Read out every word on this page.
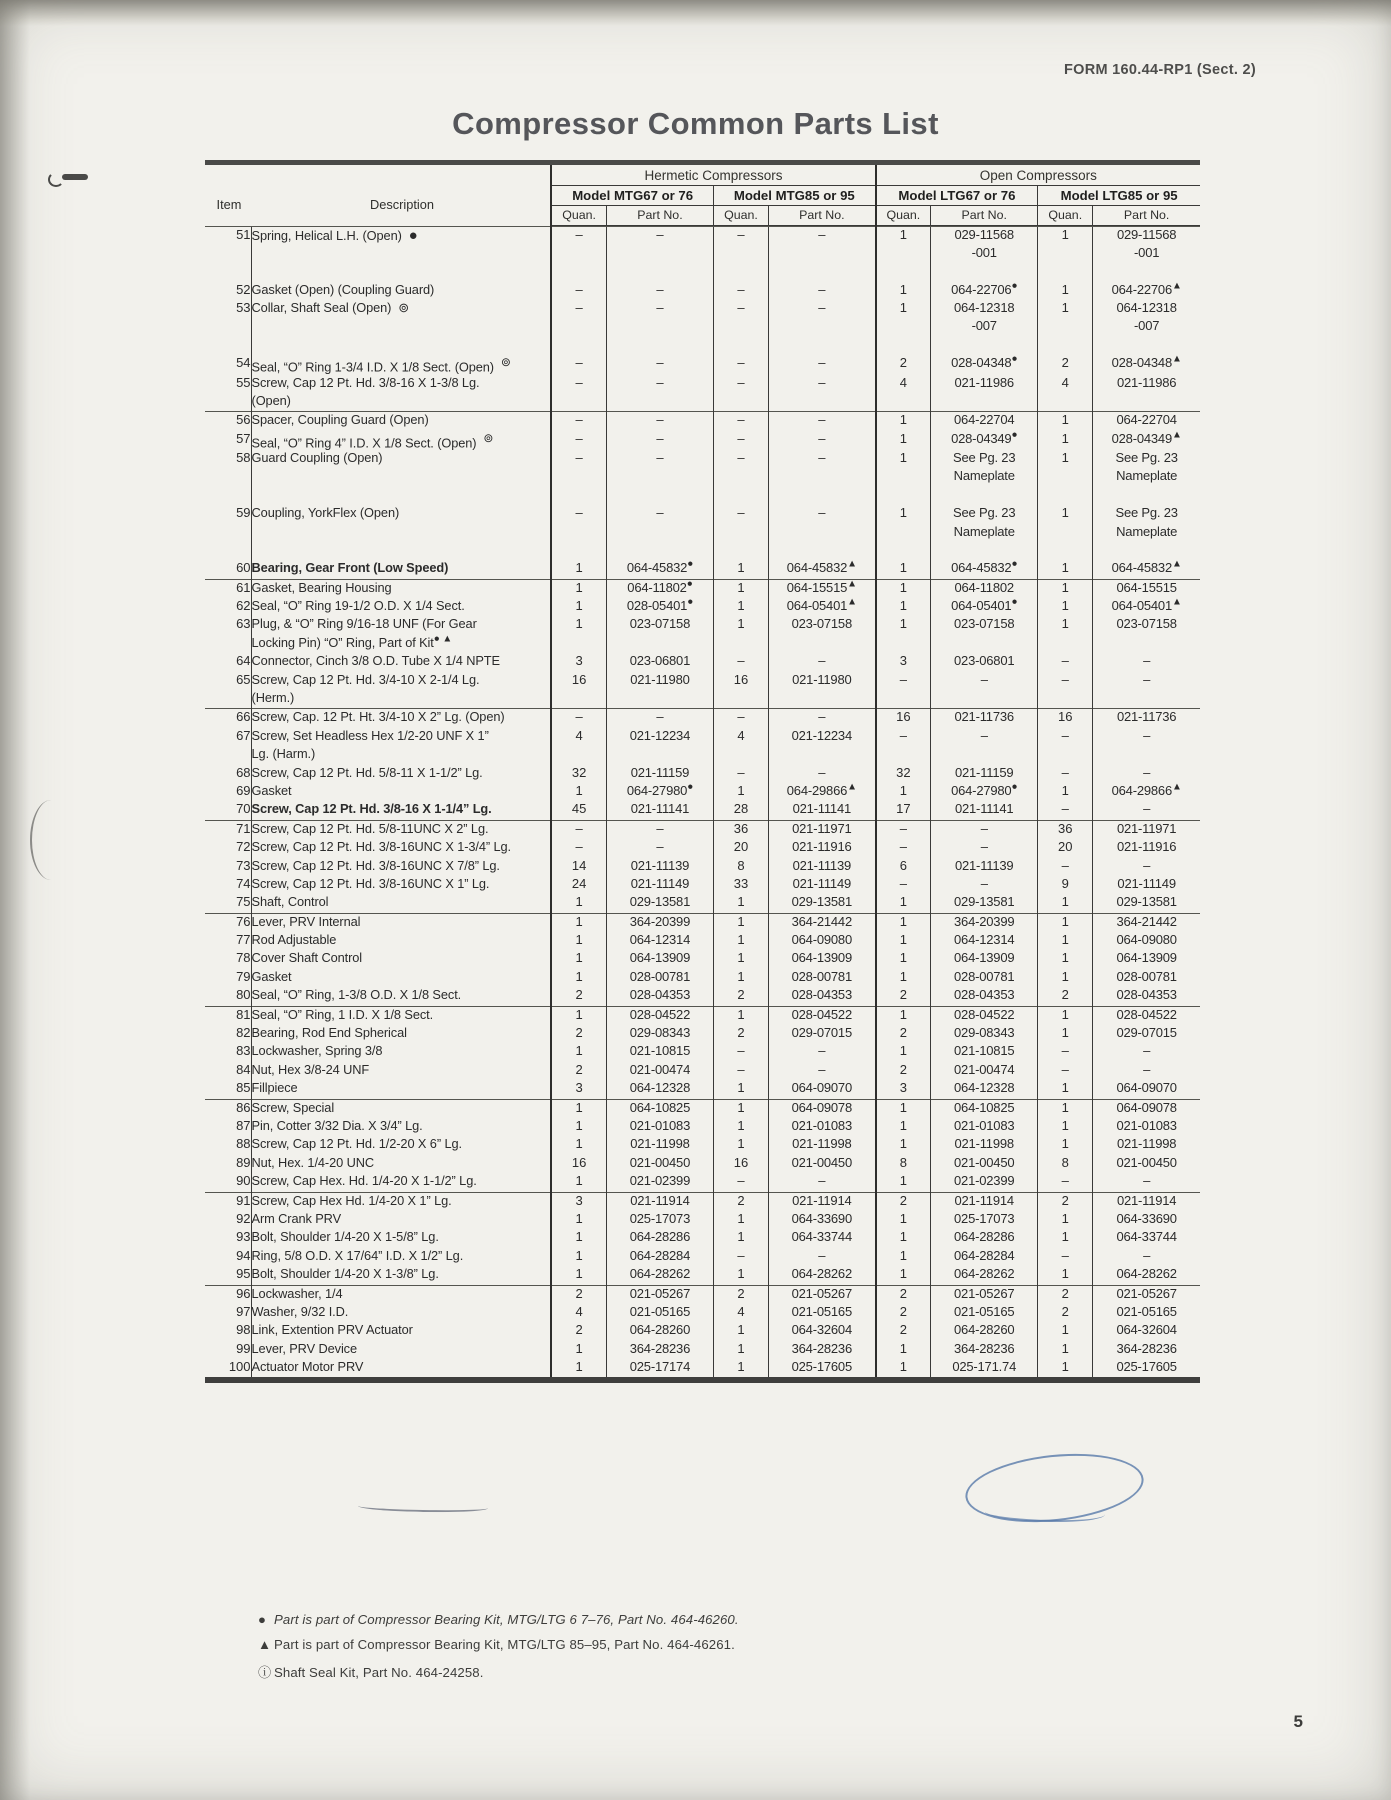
FORM 160.44-RP1 (Sect. 2)
Compressor Common Parts List
		Hermetic Compressors	Open Compressors
Model MTG67 or 76	Model MTG85 or 95	Model LTG67 or 76	Model LTG85 or 95
Quan.	Part No.	Quan.	Part No.	Quan.	Part No.	Quan.	Part No.
51	Spring, Helical L.H. (Open)  ●	–	–	–	–	1	029-11568	1	029-11568
							-001		-001

52	Gasket (Open) (Coupling Guard)	–	–	–	–	1	064-22706●	1	064-22706▲
53	Collar, Shaft Seal (Open)  ⊚	–	–	–	–	1	064-12318	1	064-12318
							-007		-007

54	Seal, “O” Ring 1-3/4 I.D. X 1/8 Sect. (Open)  ⊚	–	–	–	–	2	028-04348●	2	028-04348▲
55	Screw, Cap 12 Pt. Hd. 3/8-16 X 1-3/8 Lg.	–	–	–	–	4	021-11986	4	021-11986
	(Open)								
56	Spacer, Coupling Guard (Open)	–	–	–	–	1	064-22704	1	064-22704
57	Seal, “O” Ring 4” I.D. X 1/8 Sect. (Open)  ⊚	–	–	–	–	1	028-04349●	1	028-04349▲
58	Guard Coupling (Open)	–	–	–	–	1	See Pg. 23	1	See Pg. 23
							Nameplate		Nameplate

59	Coupling, YorkFlex (Open)	–	–	–	–	1	See Pg. 23	1	See Pg. 23
							Nameplate		Nameplate

60	Bearing, Gear Front (Low Speed)	1	064-45832●	1	064-45832▲	1	064-45832●	1	064-45832▲
61	Gasket, Bearing Housing	1	064-11802●	1	064-15515▲	1	064-11802	1	064-15515
62	Seal, “O” Ring 19-1/2 O.D. X 1/4 Sect.	1	028-05401●	1	064-05401▲	1	064-05401●	1	064-05401▲
63	Plug, & “O” Ring 9/16-18 UNF (For Gear	1	023-07158	1	023-07158	1	023-07158	1	023-07158
	Locking Pin) “O” Ring, Part of Kit● ▲								
64	Connector, Cinch 3/8 O.D. Tube X 1/4 NPTE	3	023-06801	–	–	3	023-06801	–	–
65	Screw, Cap 12 Pt. Hd. 3/4-10 X 2-1/4 Lg.	16	021-11980	16	021-11980	–	–	–	–
	(Herm.)								
66	Screw, Cap. 12 Pt. Ht. 3/4-10 X 2” Lg. (Open)	–	–	–	–	16	021-11736	16	021-11736
67	Screw, Set Headless Hex 1/2-20 UNF X 1”	4	021-12234	4	021-12234	–	–	–	–
	Lg. (Harm.)								
68	Screw, Cap 12 Pt. Hd. 5/8-11 X 1-1/2” Lg.	32	021-11159	–	–	32	021-11159	–	–
69	Gasket	1	064-27980●	1	064-29866▲	1	064-27980●	1	064-29866▲
70	Screw, Cap 12 Pt. Hd. 3/8-16 X 1-1/4” Lg.	45	021-11141	28	021-11141	17	021-11141	–	–
71	Screw, Cap 12 Pt. Hd. 5/8-11UNC X 2” Lg.	–	–	36	021-11971	–	–	36	021-11971
72	Screw, Cap 12 Pt. Hd. 3/8-16UNC X 1-3/4” Lg.	–	–	20	021-11916	–	–	20	021-11916
73	Screw, Cap 12 Pt. Hd. 3/8-16UNC X 7/8” Lg.	14	021-11139	8	021-11139	6	021-11139	–	–
74	Screw, Cap 12 Pt. Hd. 3/8-16UNC X 1” Lg.	24	021-11149	33	021-11149	–	–	9	021-11149
75	Shaft, Control	1	029-13581	1	029-13581	1	029-13581	1	029-13581
76	Lever, PRV Internal	1	364-20399	1	364-21442	1	364-20399	1	364-21442
77	Rod Adjustable	1	064-12314	1	064-09080	1	064-12314	1	064-09080
78	Cover Shaft Control	1	064-13909	1	064-13909	1	064-13909	1	064-13909
79	Gasket	1	028-00781	1	028-00781	1	028-00781	1	028-00781
80	Seal, “O” Ring, 1-3/8 O.D. X 1/8 Sect.	2	028-04353	2	028-04353	2	028-04353	2	028-04353
81	Seal, “O” Ring, 1 I.D. X 1/8 Sect.	1	028-04522	1	028-04522	1	028-04522	1	028-04522
82	Bearing, Rod End Spherical	2	029-08343	2	029-07015	2	029-08343	1	029-07015
83	Lockwasher, Spring 3/8	1	021-10815	–	–	1	021-10815	–	–
84	Nut, Hex 3/8-24 UNF	2	021-00474	–	–	2	021-00474	–	–
85	Fillpiece	3	064-12328	1	064-09070	3	064-12328	1	064-09070
86	Screw, Special	1	064-10825	1	064-09078	1	064-10825	1	064-09078
87	Pin, Cotter 3/32 Dia. X 3/4” Lg.	1	021-01083	1	021-01083	1	021-01083	1	021-01083
88	Screw, Cap 12 Pt. Hd. 1/2-20 X 6” Lg.	1	021-11998	1	021-11998	1	021-11998	1	021-11998
89	Nut, Hex. 1/4-20 UNC	16	021-00450	16	021-00450	8	021-00450	8	021-00450
90	Screw, Cap Hex. Hd. 1/4-20 X 1-1/2” Lg.	1	021-02399	–	–	1	021-02399	–	–
91	Screw, Cap Hex Hd. 1/4-20 X 1” Lg.	3	021-11914	2	021-11914	2	021-11914	2	021-11914
92	Arm Crank PRV	1	025-17073	1	064-33690	1	025-17073	1	064-33690
93	Bolt, Shoulder 1/4-20 X 1-5/8” Lg.	1	064-28286	1	064-33744	1	064-28286	1	064-33744
94	Ring, 5/8 O.D. X 17/64” I.D. X 1/2” Lg.	1	064-28284	–	–	1	064-28284	–	–
95	Bolt, Shoulder 1/4-20 X 1-3/8” Lg.	1	064-28262	1	064-28262	1	064-28262	1	064-28262
96	Lockwasher, 1/4	2	021-05267	2	021-05267	2	021-05267	2	021-05267
97	Washer, 9/32 I.D.	4	021-05165	4	021-05165	2	021-05165	2	021-05165
98	Link, Extention PRV Actuator	2	064-28260	1	064-32604	2	064-28260	1	064-32604
99	Lever, PRV Device	1	364-28236	1	364-28236	1	364-28236	1	364-28236
100	Actuator Motor PRV	1	025-17174	1	025-17605	1	025-171.74	1	025-17605
Item	Description
● Part is part of Compressor Bearing Kit, MTG/LTG 6 7–76, Part No. 464-46260.
▲ Part is part of Compressor Bearing Kit, MTG/LTG 85–95, Part No. 464-46261.
ⓘ Shaft Seal Kit, Part No. 464-24258.
5
